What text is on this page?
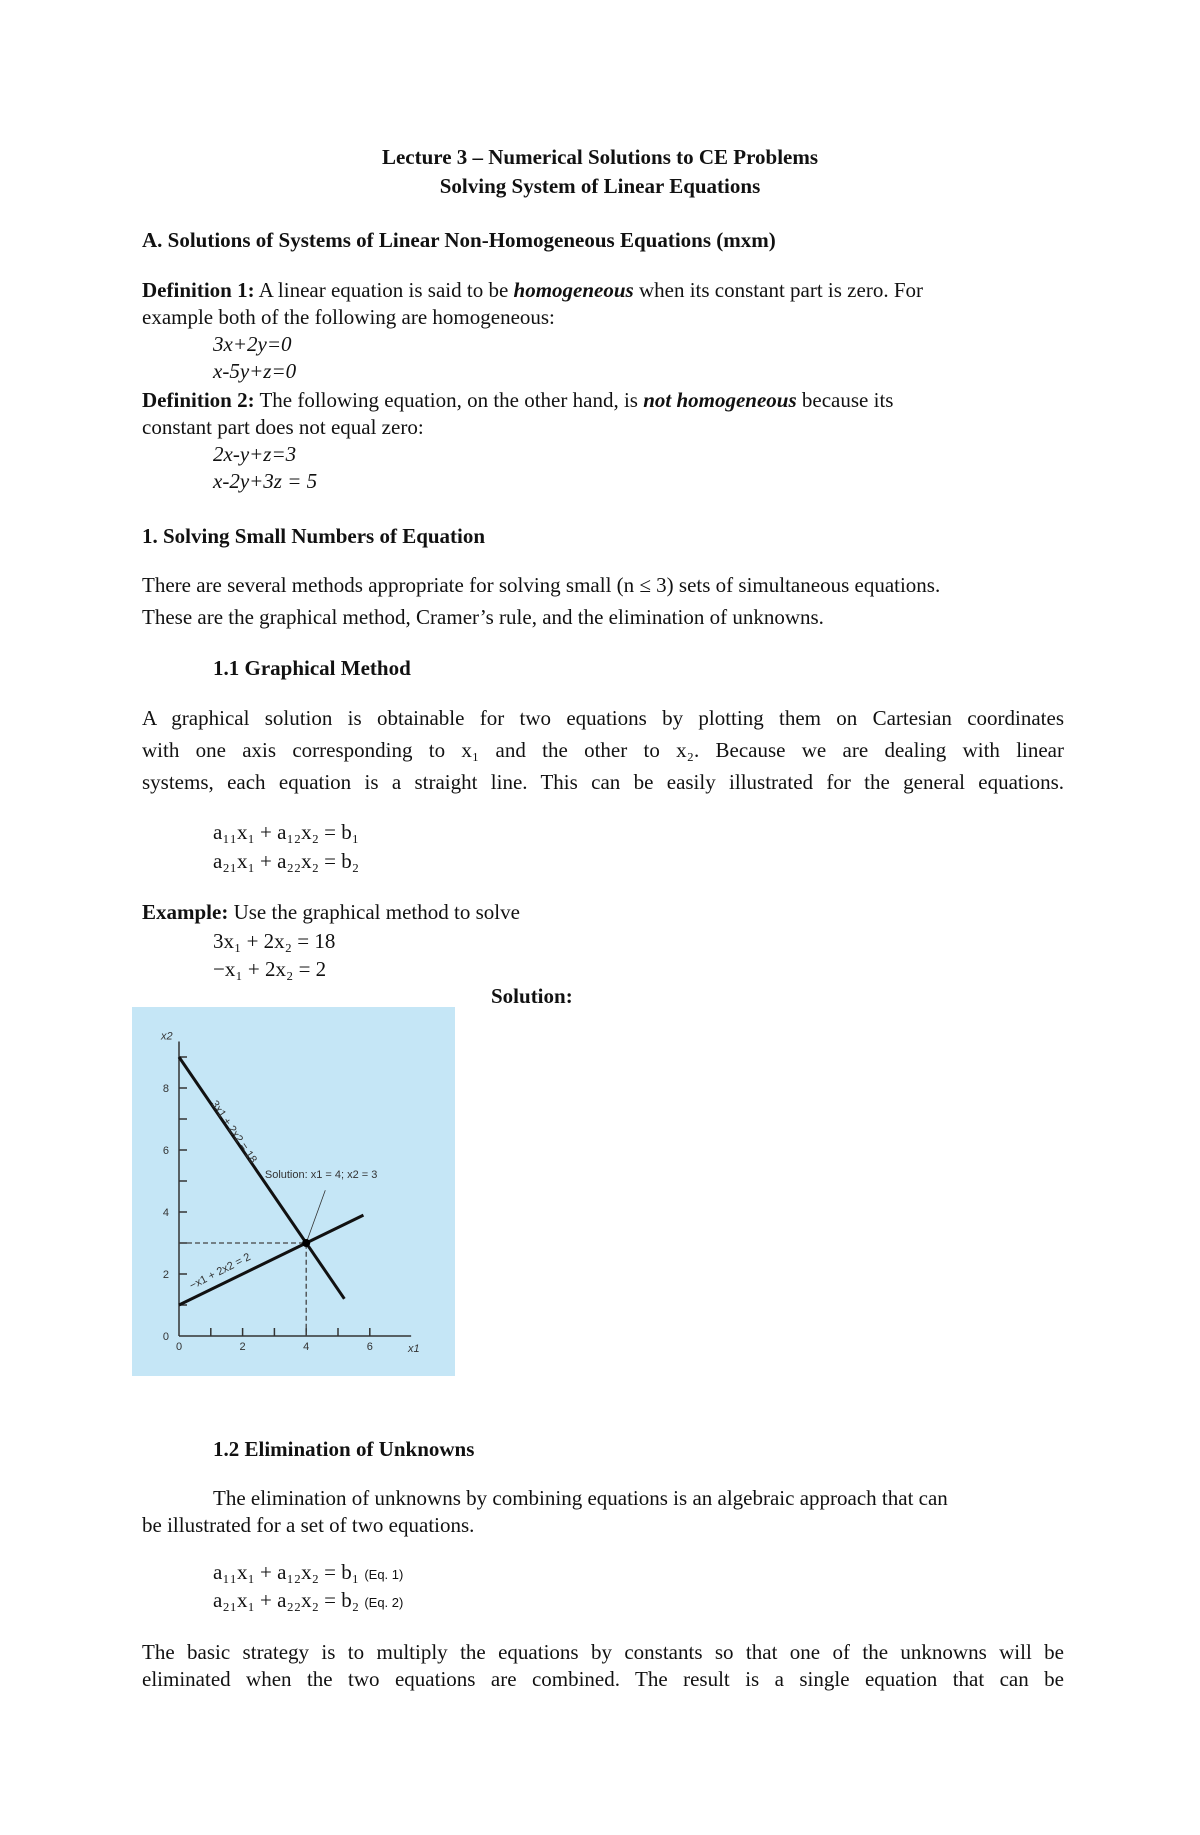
Lecture 3 – Numerical Solutions to CE Problems
Solving System of Linear Equations
A. Solutions of Systems of Linear Non-Homogeneous Equations (mxm)
Definition 1: A linear equation is said to be homogeneous when its constant part is zero. For
example both of the following are homogeneous:
3x+2y=0
x-5y+z=0
Definition 2: The following equation, on the other hand, is not homogeneous because its
constant part does not equal zero:
2x-y+z=3
x-2y+3z = 5
1. Solving Small Numbers of Equation
There are several methods appropriate for solving small (n ≤ 3) sets of simultaneous equations.
These are the graphical method, Cramer’s rule, and the elimination of unknowns.
1.1 Graphical Method
A graphical solution is obtainable for two equations by plotting them on Cartesian coordinates
with one axis corresponding to x₁ and the other to x₂. Because we are dealing with linear
systems, each equation is a straight line. This can be easily illustrated for the general equations.
a₁₁x₁ + a₁₂x₂ = b₁
a₂₁x₁ + a₂₂x₂ = b₂
Example: Use the graphical method to solve
3x₁ + 2x₂ = 18
−x₁ + 2x₂ = 2
Solution:
0	2	4	6
0
2
4
6
8
x2
x1
3x1 + 2x2 = 18
−x1 + 2x2 = 2
Solution: x1 = 4; x2 = 3
1.2 Elimination of Unknowns
The elimination of unknowns by combining equations is an algebraic approach that can
be illustrated for a set of two equations.
a₁₁x₁ + a₁₂x₂ = b₁ (Eq. 1)
a₂₁x₁ + a₂₂x₂ = b₂ (Eq. 2)
The basic strategy is to multiply the equations by constants so that one of the unknowns will be
eliminated when the two equations are combined. The result is a single equation that can be
